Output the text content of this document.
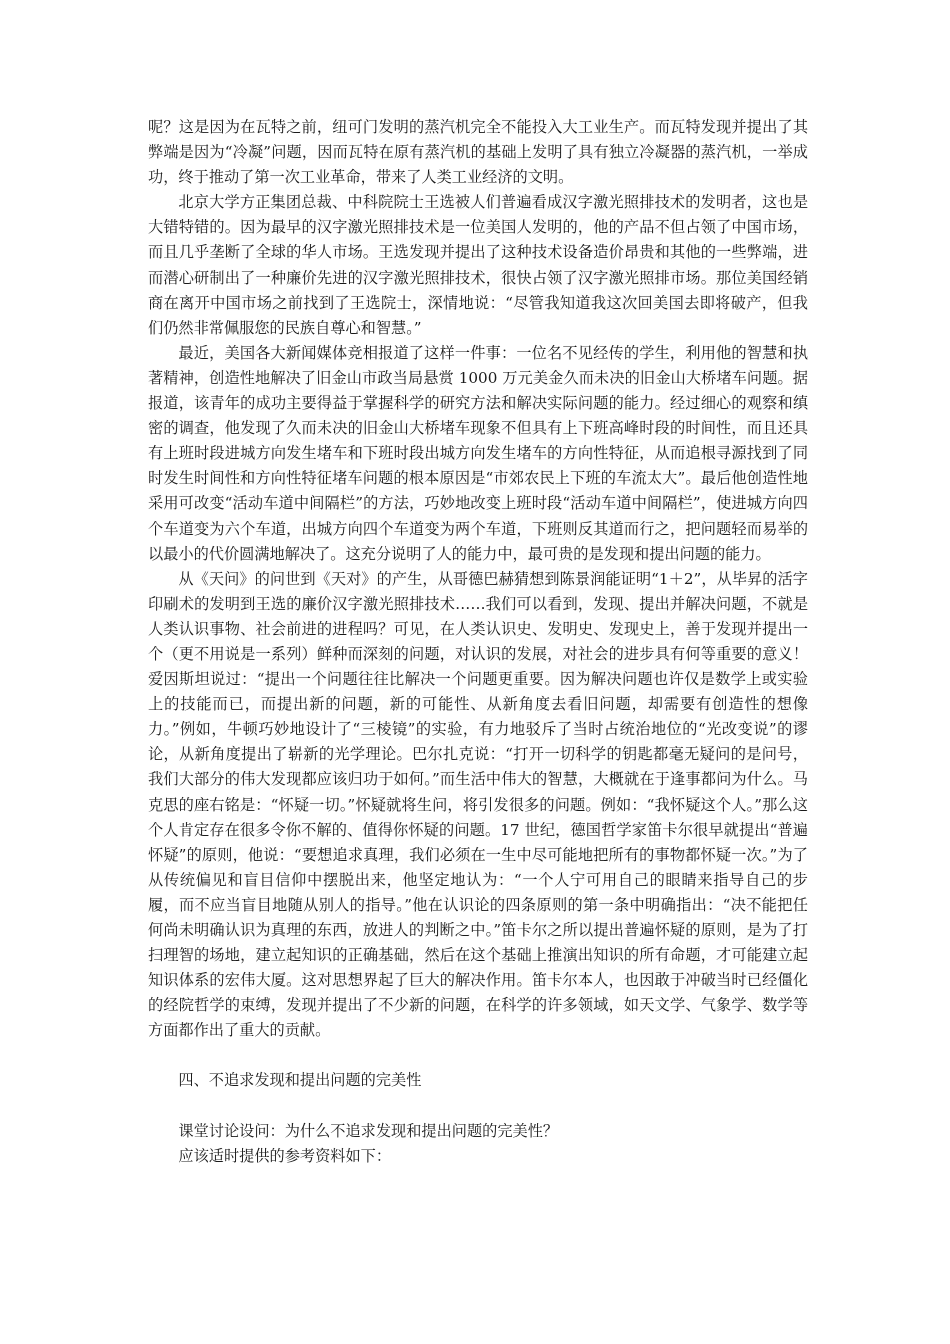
呢？这是因为在瓦特之前，纽可门发明的蒸汽机完全不能投入大工业生产。而瓦特发现并提出了其弊端是因为“冷凝”问题，因而瓦特在原有蒸汽机的基础上发明了具有独立冷凝器的蒸汽机，一举成功，终于推动了第一次工业革命，带来了人类工业经济的文明。

北京大学方正集团总裁、中科院院士王选被人们普遍看成汉字激光照排技术的发明者，这也是大错特错的。因为最早的汉字激光照排技术是一位美国人发明的，他的产品不但占领了中国市场，而且几乎垄断了全球的华人市场。王选发现并提出了这种技术设备造价昂贵和其他的一些弊端，进而潜心研制出了一种廉价先进的汉字激光照排技术，很快占领了汉字激光照排市场。那位美国经销商在离开中国市场之前找到了王选院士，深情地说：“尽管我知道我这次回美国去即将破产，但我们仍然非常佩服您的民族自尊心和智慧。”

最近，美国各大新闻媒体竞相报道了这样一件事：一位名不见经传的学生，利用他的智慧和执著精神，创造性地解决了旧金山市政当局悬赏 1000 万元美金久而未决的旧金山大桥堵车问题。据报道，该青年的成功主要得益于掌握科学的研究方法和解决实际问题的能力。经过细心的观察和缜密的调查，他发现了久而未决的旧金山大桥堵车现象不但具有上下班高峰时段的时间性，而且还具有上班时段进城方向发生堵车和下班时段出城方向发生堵车的方向性特征，从而追根寻源找到了同时发生时间性和方向性特征堵车问题的根本原因是“市郊农民上下班的车流太大”。最后他创造性地采用可改变“活动车道中间隔栏”的方法，巧妙地改变上班时段“活动车道中间隔栏”，使进城方向四个车道变为六个车道，出城方向四个车道变为两个车道，下班则反其道而行之，把问题轻而易举的以最小的代价圆满地解决了。这充分说明了人的能力中，最可贵的是发现和提出问题的能力。

从《天问》的问世到《天对》的产生，从哥德巴赫猜想到陈景润能证明“1＋2”，从毕昇的活字印刷术的发明到王选的廉价汉字激光照排技术……我们可以看到，发现、提出并解决问题，不就是人类认识事物、社会前进的进程吗？可见，在人类认识史、发明史、发现史上，善于发现并提出一个（更不用说是一系列）鲜种而深刻的问题，对认识的发展，对社会的进步具有何等重要的意义！爱因斯坦说过：“提出一个问题往往比解决一个问题更重要。因为解决问题也许仅是数学上或实验上的技能而已，而提出新的问题，新的可能性、从新角度去看旧问题，却需要有创造性的想像力。”例如，牛顿巧妙地设计了“三棱镜”的实验，有力地驳斥了当时占统治地位的“光改变说”的谬论，从新角度提出了崭新的光学理论。巴尔扎克说：“打开一切科学的钥匙都毫无疑问的是问号，我们大部分的伟大发现都应该归功于如何。”而生活中伟大的智慧，大概就在于逢事都问为什么。马克思的座右铭是：“怀疑一切。”怀疑就将生问，将引发很多的问题。例如：“我怀疑这个人。”那么这个人肯定存在很多令你不解的、值得你怀疑的问题。17 世纪，德国哲学家笛卡尔很早就提出“普遍怀疑”的原则，他说：“要想追求真理，我们必须在一生中尽可能地把所有的事物都怀疑一次。”为了从传统偏见和盲目信仰中摆脱出来，他坚定地认为：“一个人宁可用自己的眼睛来指导自己的步履，而不应当盲目地随从别人的指导。”他在认识论的四条原则的第一条中明确指出：“决不能把任何尚未明确认识为真理的东西，放进人的判断之中。”笛卡尔之所以提出普遍怀疑的原则，是为了打扫理智的场地，建立起知识的正确基础，然后在这个基础上推演出知识的所有命题，才可能建立起知识体系的宏伟大厦。这对思想界起了巨大的解决作用。笛卡尔本人，也因敢于冲破当时已经僵化的经院哲学的束缚，发现并提出了不少新的问题，在科学的许多领域，如天文学、气象学、数学等方面都作出了重大的贡献。

四、不追求发现和提出问题的完美性

课堂讨论设问：为什么不追求发现和提出问题的完美性？

应该适时提供的参考资料如下：
